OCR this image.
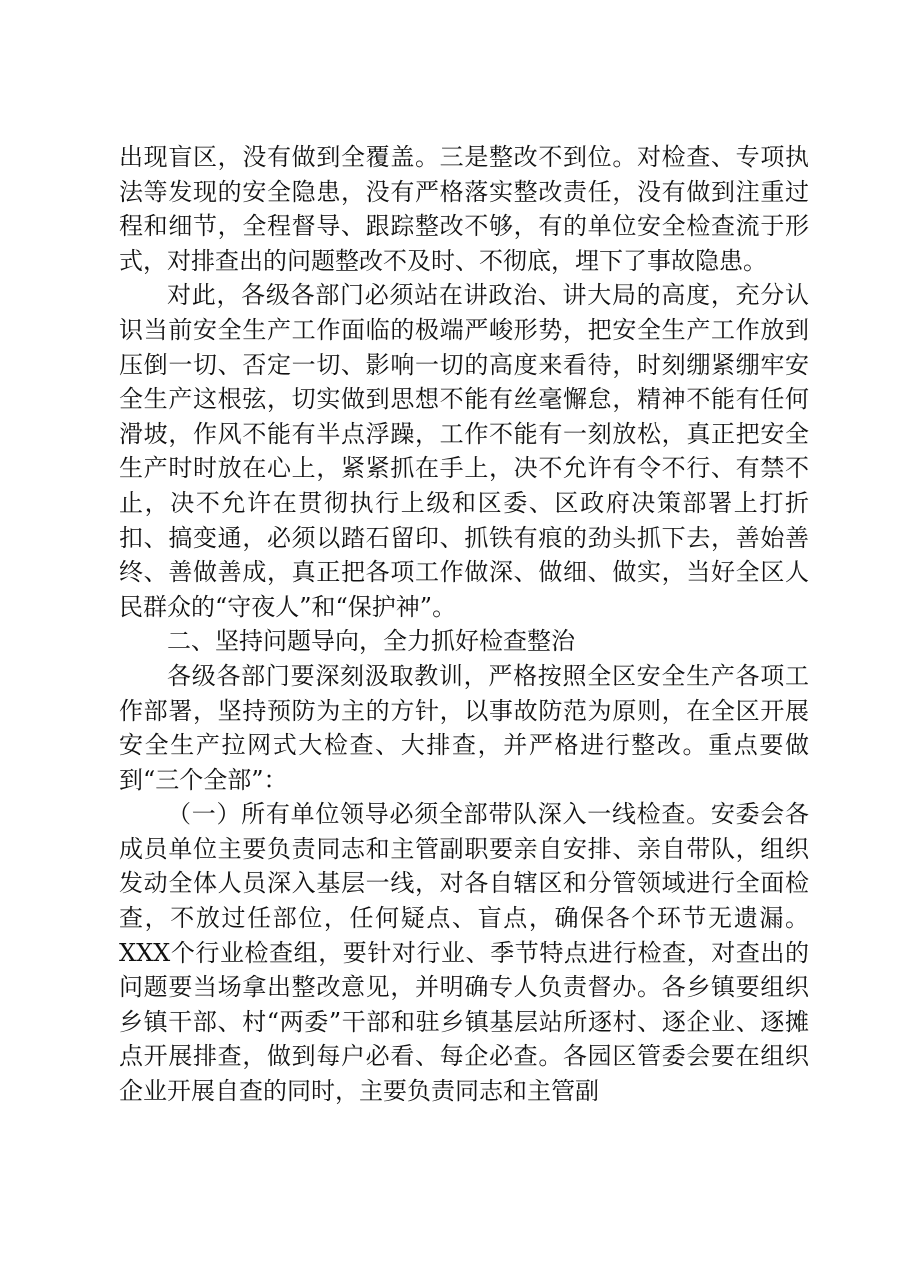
出现盲区，没有做到全覆盖。三是整改不到位。对检查、专项执法等发现的安全隐患，没有严格落实整改责任，没有做到注重过程和细节，全程督导、跟踪整改不够，有的单位安全检查流于形式，对排查出的问题整改不及时、不彻底，埋下了事故隐患。

对此，各级各部门必须站在讲政治、讲大局的高度，充分认识当前安全生产工作面临的极端严峻形势，把安全生产工作放到压倒一切、否定一切、影响一切的高度来看待，时刻绷紧绷牢安全生产这根弦，切实做到思想不能有丝毫懈怠，精神不能有任何滑坡，作风不能有半点浮躁，工作不能有一刻放松，真正把安全生产时时放在心上，紧紧抓在手上，决不允许有令不行、有禁不止，决不允许在贯彻执行上级和区委、区政府决策部署上打折扣、搞变通，必须以踏石留印、抓铁有痕的劲头抓下去，善始善终、善做善成，真正把各项工作做深、做细、做实，当好全区人民群众的“守夜人”和“保护神”。

二、坚持问题导向，全力抓好检查整治

各级各部门要深刻汲取教训，严格按照全区安全生产各项工作部署，坚持预防为主的方针，以事故防范为原则，在全区开展安全生产拉网式大检查、大排查，并严格进行整改。重点要做到“三个全部”：

（一）所有单位领导必须全部带队深入一线检查。安委会各成员单位主要负责同志和主管副职要亲自安排、亲自带队，组织发动全体人员深入基层一线，对各自辖区和分管领域进行全面检查，不放过任部位，任何疑点、盲点，确保各个环节无遗漏。XXX个行业检查组，要针对行业、季节特点进行检查，对查出的问题要当场拿出整改意见，并明确专人负责督办。各乡镇要组织乡镇干部、村“两委”干部和驻乡镇基层站所逐村、逐企业、逐摊点开展排查，做到每户必看、每企必查。各园区管委会要在组织企业开展自查的同时，主要负责同志和主管副
